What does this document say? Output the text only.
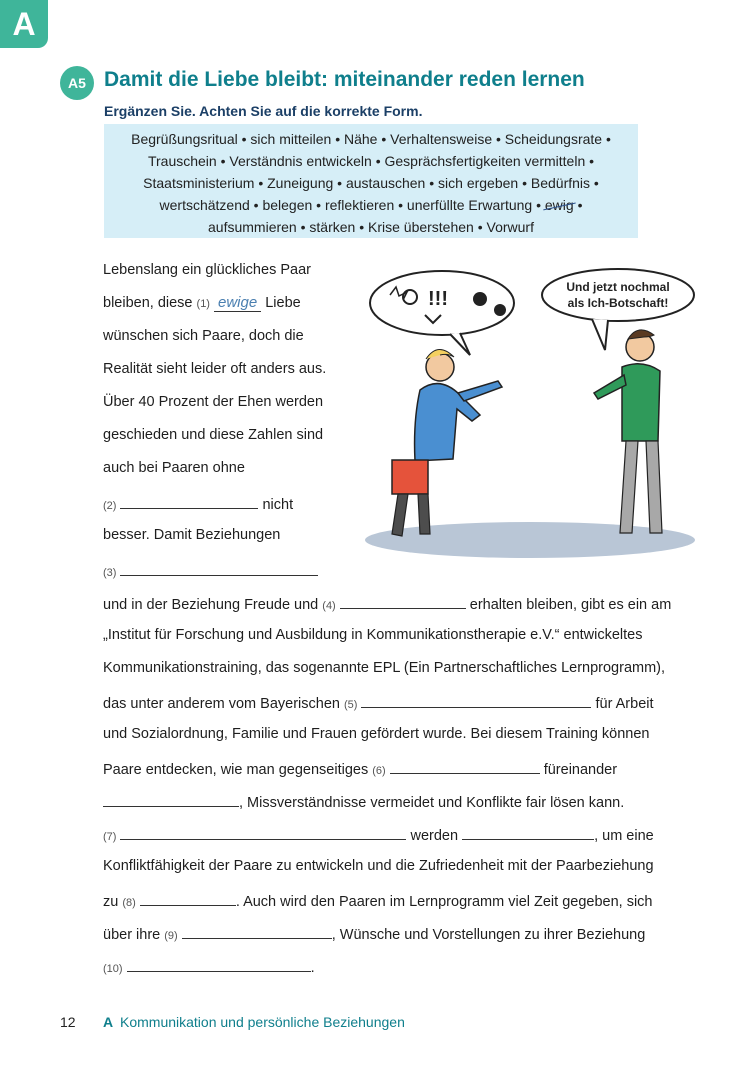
A
A5 Damit die Liebe bleibt: miteinander reden lernen
Ergänzen Sie. Achten Sie auf die korrekte Form.
Begrüßungsritual • sich mitteilen • Nähe • Verhaltensweise • Scheidungsrate •
Trauschein • Verständnis entwickeln • Gesprächsfertigkeiten vermitteln •
Staatsministerium • Zuneigung • austauschen • sich ergeben • Bedürfnis •
wertschätzend • belegen • reflektieren • unerfüllte Erwartung • ewig •
aufsummieren • stärken • Krise überstehen • Vorwurf
!!!
Und jetzt nochmal
als Ich-Botschaft!
Lebenslang ein glückliches Paar
bleiben, diese (1) ewige Liebe
wünschen sich Paare, doch die
Realität sieht leider oft anders aus.
Über 40 Prozent der Ehen werden
geschieden und diese Zahlen sind
auch bei Paaren ohne
(2)	nicht
besser. Damit Beziehungen
(3)
und in der Beziehung Freude und (4)	erhalten bleiben, gibt es ein am
„Institut für Forschung und Ausbildung in Kommunikationstherapie e.V.“ entwickeltes
Kommunikationstraining, das sogenannte EPL (Ein Partnerschaftliches Lernprogramm),
das unter anderem vom Bayerischen (5)	für Arbeit
und Sozialordnung, Familie und Frauen gefördert wurde. Bei diesem Training können
Paare entdecken, wie man gegenseitiges (6)	füreinander
, Missverständnisse vermeidet und Konflikte fair lösen kann.
(7)	werden	, um eine
Konfliktfähigkeit der Paare zu entwickeln und die Zufriedenheit mit der Paarbeziehung
zu (8)	. Auch wird den Paaren im Lernprogramm viel Zeit gegeben, sich
über ihre (9)	, Wünsche und Vorstellungen zu ihrer Beziehung
(10)	.
12 A Kommunikation und persönliche Beziehungen
